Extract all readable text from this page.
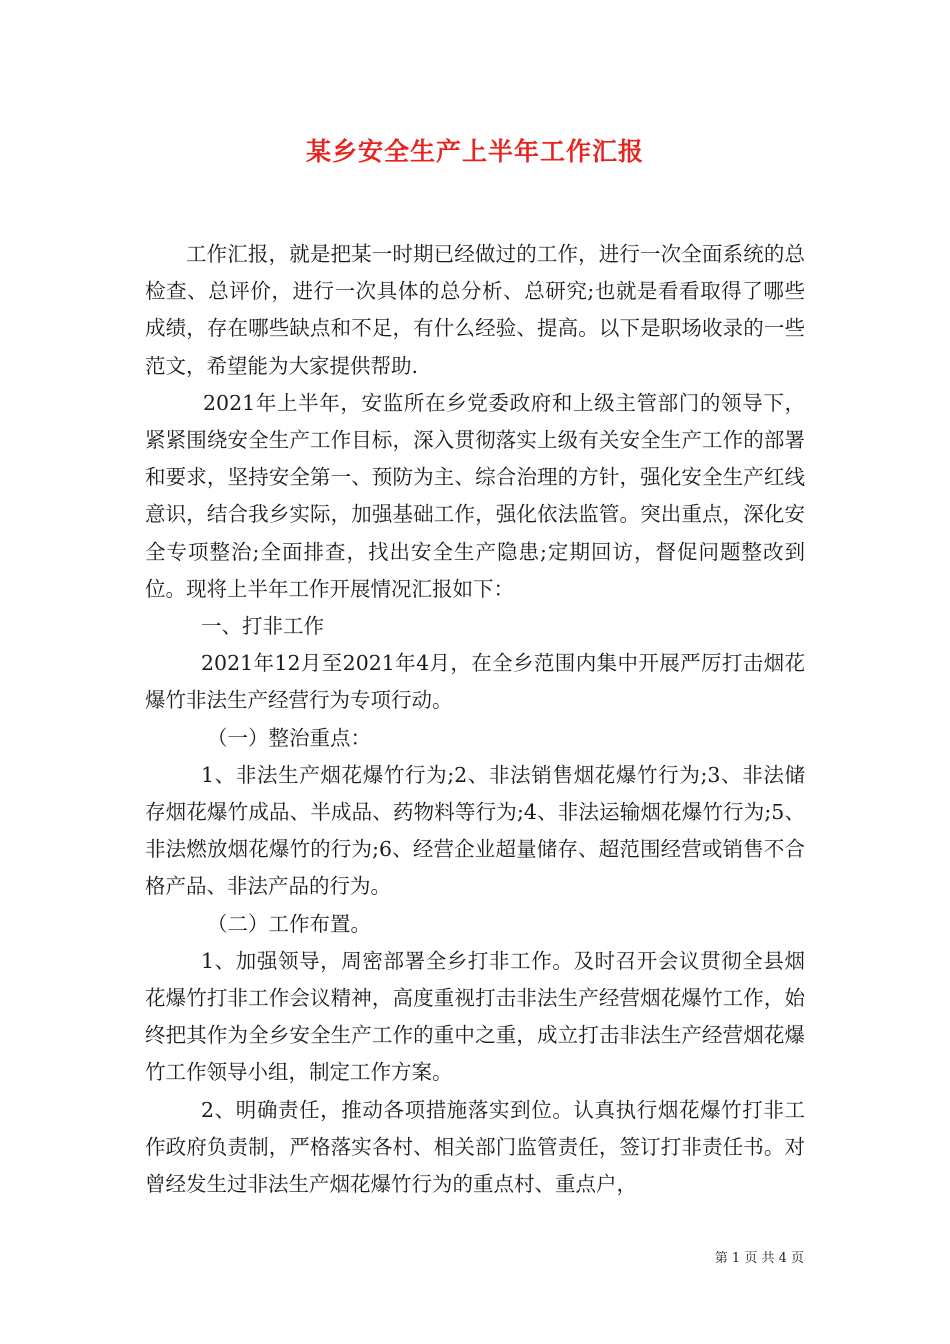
某乡安全生产上半年工作汇报

工作汇报，就是把某一时期已经做过的工作，进行一次全面系统的总检查、总评价，进行一次具体的总分析、总研究;也就是看看取得了哪些成绩，存在哪些缺点和不足，有什么经验、提高。以下是职场收录的一些范文，希望能为大家提供帮助.

2021年上半年，安监所在乡党委政府和上级主管部门的领导下，紧紧围绕安全生产工作目标，深入贯彻落实上级有关安全生产工作的部署和要求，坚持安全第一、预防为主、综合治理的方针，强化安全生产红线意识，结合我乡实际，加强基础工作，强化依法监管。突出重点，深化安全专项整治;全面排查，找出安全生产隐患;定期回访，督促问题整改到位。现将上半年工作开展情况汇报如下：

一、打非工作

2021年12月至2021年4月，在全乡范围内集中开展严厉打击烟花爆竹非法生产经营行为专项行动。

（一）整治重点：

1、非法生产烟花爆竹行为;2、非法销售烟花爆竹行为;3、非法储存烟花爆竹成品、半成品、药物料等行为;4、非法运输烟花爆竹行为;5、非法燃放烟花爆竹的行为;6、经营企业超量储存、超范围经营或销售不合格产品、非法产品的行为。

（二）工作布置。

1、加强领导，周密部署全乡打非工作。及时召开会议贯彻全县烟花爆竹打非工作会议精神，高度重视打击非法生产经营烟花爆竹工作，始终把其作为全乡安全生产工作的重中之重，成立打击非法生产经营烟花爆竹工作领导小组，制定工作方案。

2、明确责任，推动各项措施落实到位。认真执行烟花爆竹打非工作政府负责制，严格落实各村、相关部门监管责任，签订打非责任书。对曾经发生过非法生产烟花爆竹行为的重点村、重点户，

第 1 页 共 4 页
